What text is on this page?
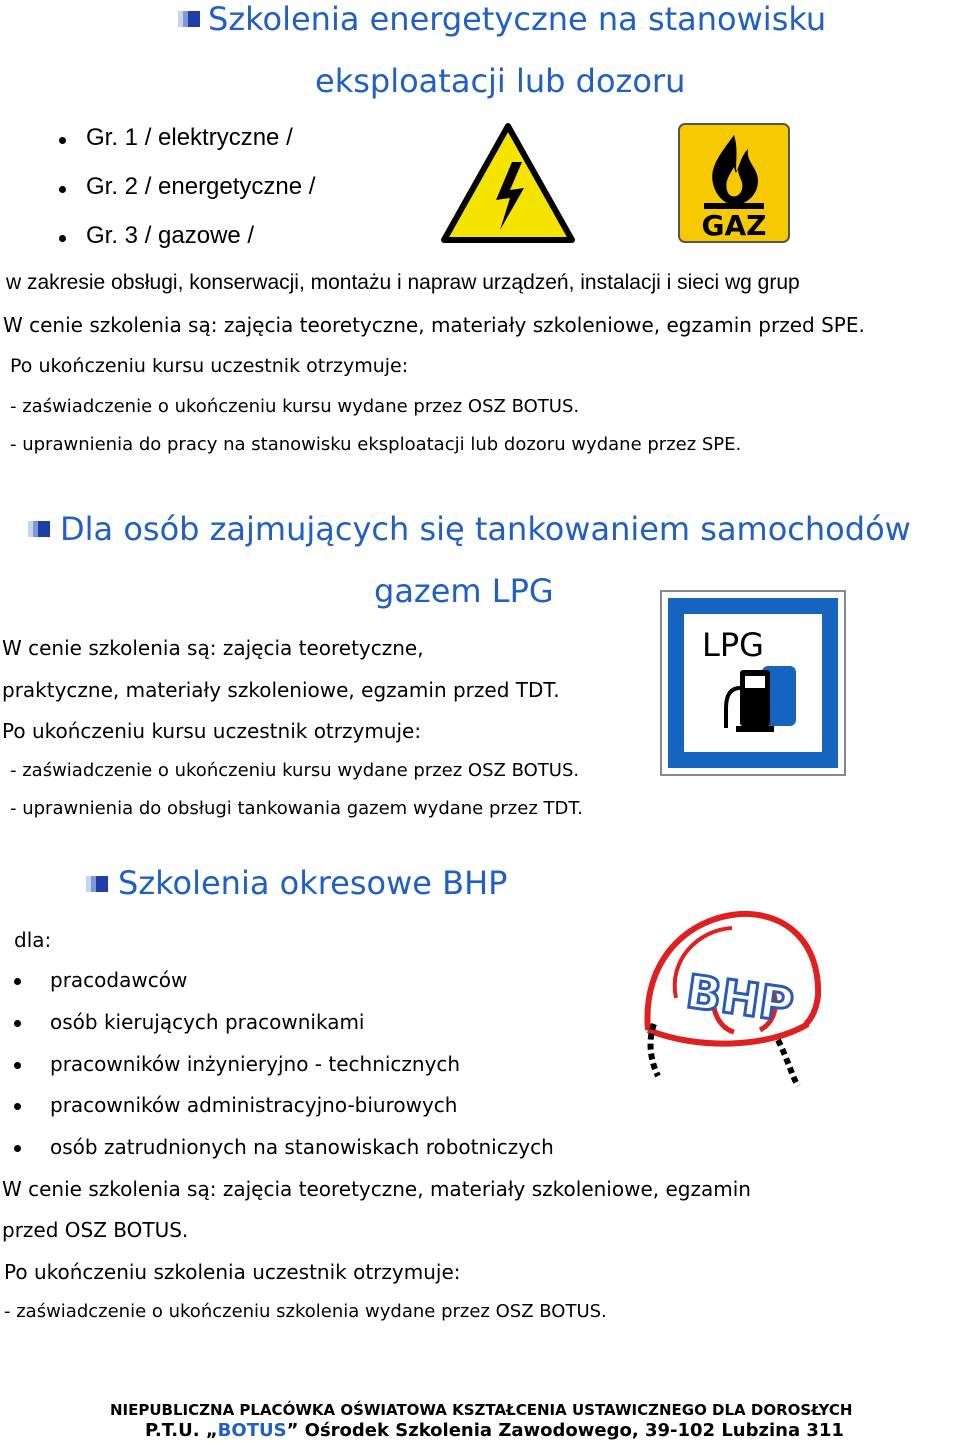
Szkolenia energetyczne na stanowisku
eksploatacji lub dozoru
Gr. 1 / elektryczne /
Gr. 2 / energetyczne /
Gr. 3 / gazowe /	GAZ
w zakresie obsługi, konserwacji, montażu i napraw urządzeń, instalacji i sieci wg grup
W cenie szkolenia są: zajęcia teoretyczne, materiały szkoleniowe, egzamin przed SPE.
Po ukończeniu kursu uczestnik otrzymuje:
- zaświadczenie o ukończeniu kursu wydane przez OSZ BOTUS.
- uprawnienia do pracy na stanowisku eksploatacji lub dozoru wydane przez SPE.
Dla osób zajmujących się tankowaniem samochodów
gazem LPG
LPG
W cenie szkolenia są: zajęcia teoretyczne,
praktyczne, materiały szkoleniowe, egzamin przed TDT.
Po ukończeniu kursu uczestnik otrzymuje:
- zaświadczenie o ukończeniu kursu wydane przez OSZ BOTUS.
- uprawnienia do obsługi tankowania gazem wydane przez TDT.
Szkolenia okresowe BHP
dla:
pracodawców
osób kierujących pracownikami
pracowników inżynieryjno - technicznych
pracowników administracyjno-biurowych
osób zatrudnionych na stanowiskach robotniczych
BHP
W cenie szkolenia są: zajęcia teoretyczne, materiały szkoleniowe, egzamin
przed OSZ BOTUS.
Po ukończeniu szkolenia uczestnik otrzymuje:
- zaświadczenie o ukończeniu szkolenia wydane przez OSZ BOTUS.
NIEPUBLICZNA PLACÓWKA OŚWIATOWA KSZTAŁCENIA USTAWICZNEGO DLA DOROSŁYCH
P.T.U. „BOTUS” Ośrodek Szkolenia Zawodowego, 39-102 Lubzina 311
